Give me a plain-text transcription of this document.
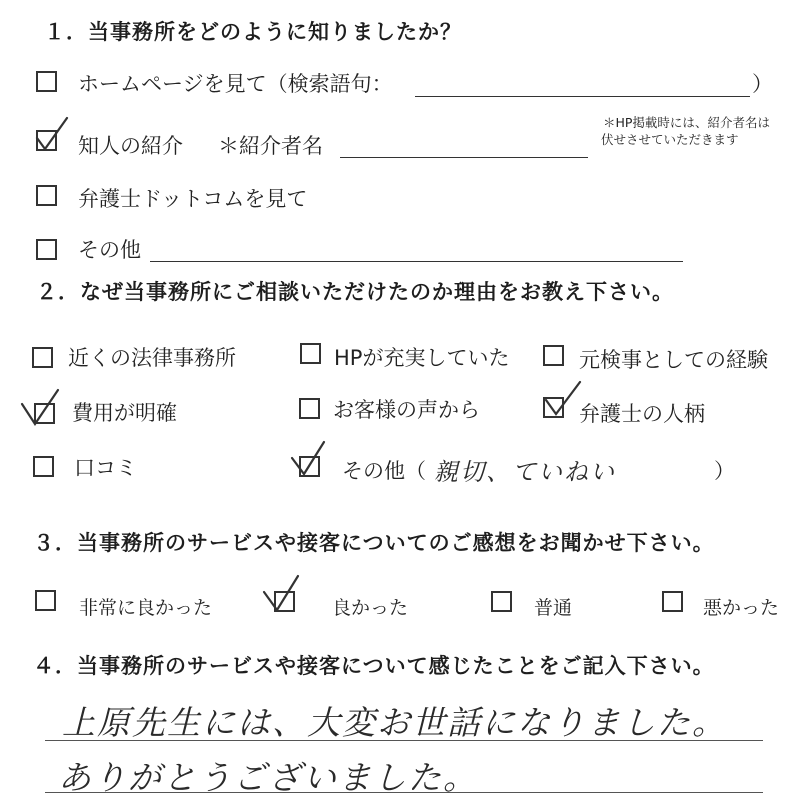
１．当事務所をどのように知りましたか？
ホームページを見て（検索語句：	）
知人の紹介 ＊紹介者名
＊HP掲載時には、紹介者名は
伏せさせていただきます
弁護士ドットコムを見て
その他
２．なぜ当事務所にご相談いただけたのか理由をお教え下さい。
近くの法律事務所	HPが充実していた	元検事としての経験
費用が明確	お客様の声から	弁護士の人柄
口コミ	その他（ 親切、ていねい	）
３．当事務所のサービスや接客についてのご感想をお聞かせ下さい。
非常に良かった	良かった	普通	悪かった
４．当事務所のサービスや接客について感じたことをご記入下さい。
上原先生には、大変お世話になりました。
ありがとうございました。
